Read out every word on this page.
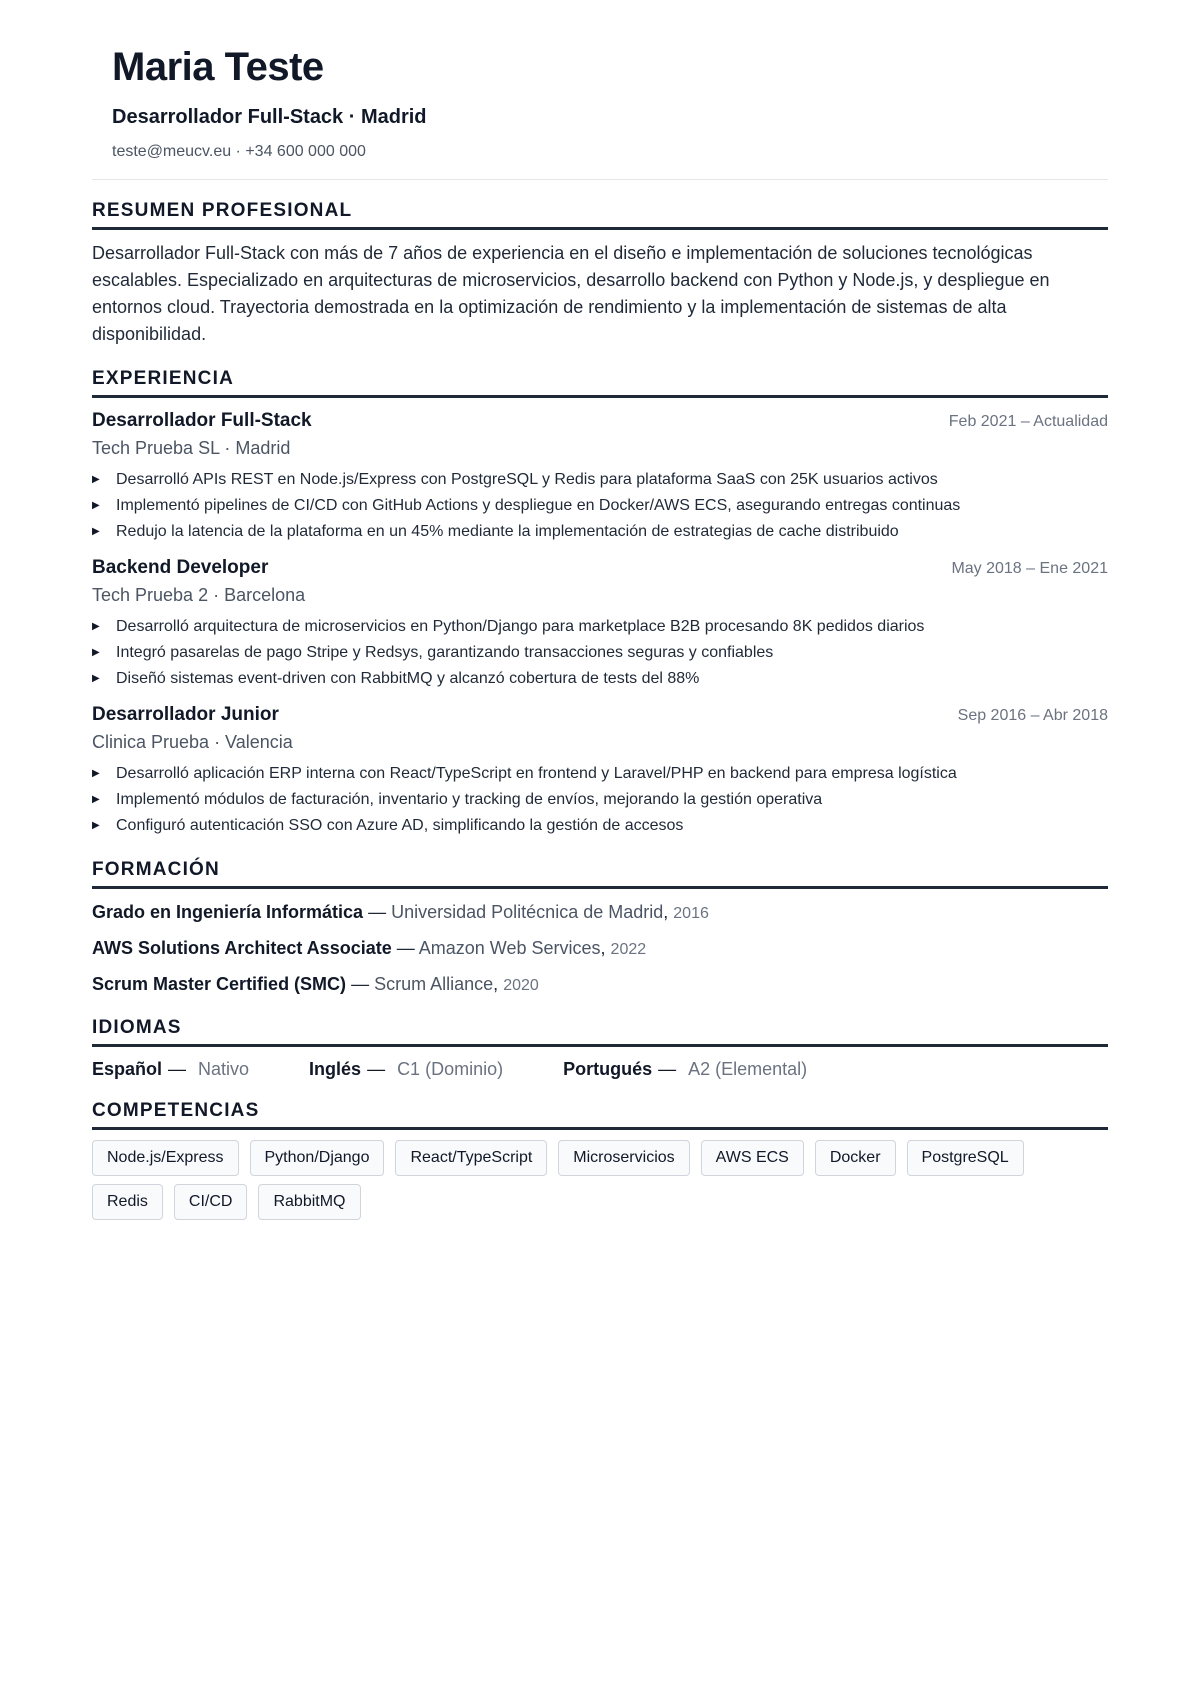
Maria Teste
Desarrollador Full-Stack · Madrid
teste@meucv.eu · +34 600 000 000
RESUMEN PROFESIONAL
Desarrollador Full-Stack con más de 7 años de experiencia en el diseño e implementación de soluciones tecnológicas escalables. Especializado en arquitecturas de microservicios, desarrollo backend con Python y Node.js, y despliegue en entornos cloud. Trayectoria demostrada en la optimización de rendimiento y la implementación de sistemas de alta disponibilidad.
EXPERIENCIA
Desarrollador Full-Stack	Feb 2021 – Actualidad
Tech Prueba SL · Madrid
▶ Desarrolló APIs REST en Node.js/Express con PostgreSQL y Redis para plataforma SaaS con 25K usuarios activos
▶ Implementó pipelines de CI/CD con GitHub Actions y despliegue en Docker/AWS ECS, asegurando entregas continuas
▶ Redujo la latencia de la plataforma en un 45% mediante la implementación de estrategias de cache distribuido
Backend Developer	May 2018 – Ene 2021
Tech Prueba 2 · Barcelona
▶ Desarrolló arquitectura de microservicios en Python/Django para marketplace B2B procesando 8K pedidos diarios
▶ Integró pasarelas de pago Stripe y Redsys, garantizando transacciones seguras y confiables
▶ Diseñó sistemas event-driven con RabbitMQ y alcanzó cobertura de tests del 88%
Desarrollador Junior	Sep 2016 – Abr 2018
Clinica Prueba · Valencia
▶ Desarrolló aplicación ERP interna con React/TypeScript en frontend y Laravel/PHP en backend para empresa logística
▶ Implementó módulos de facturación, inventario y tracking de envíos, mejorando la gestión operativa
▶ Configuró autenticación SSO con Azure AD, simplificando la gestión de accesos
FORMACIÓN
Grado en Ingeniería Informática — Universidad Politécnica de Madrid, 2016
AWS Solutions Architect Associate — Amazon Web Services, 2022
Scrum Master Certified (SMC) — Scrum Alliance, 2020
IDIOMAS
Español — Nativo	Inglés — C1 (Dominio)	Portugués — A2 (Elemental)
COMPETENCIAS
Node.js/Express	Python/Django	React/TypeScript	Microservicios	AWS ECS	Docker	PostgreSQL
Redis	CI/CD	RabbitMQ
